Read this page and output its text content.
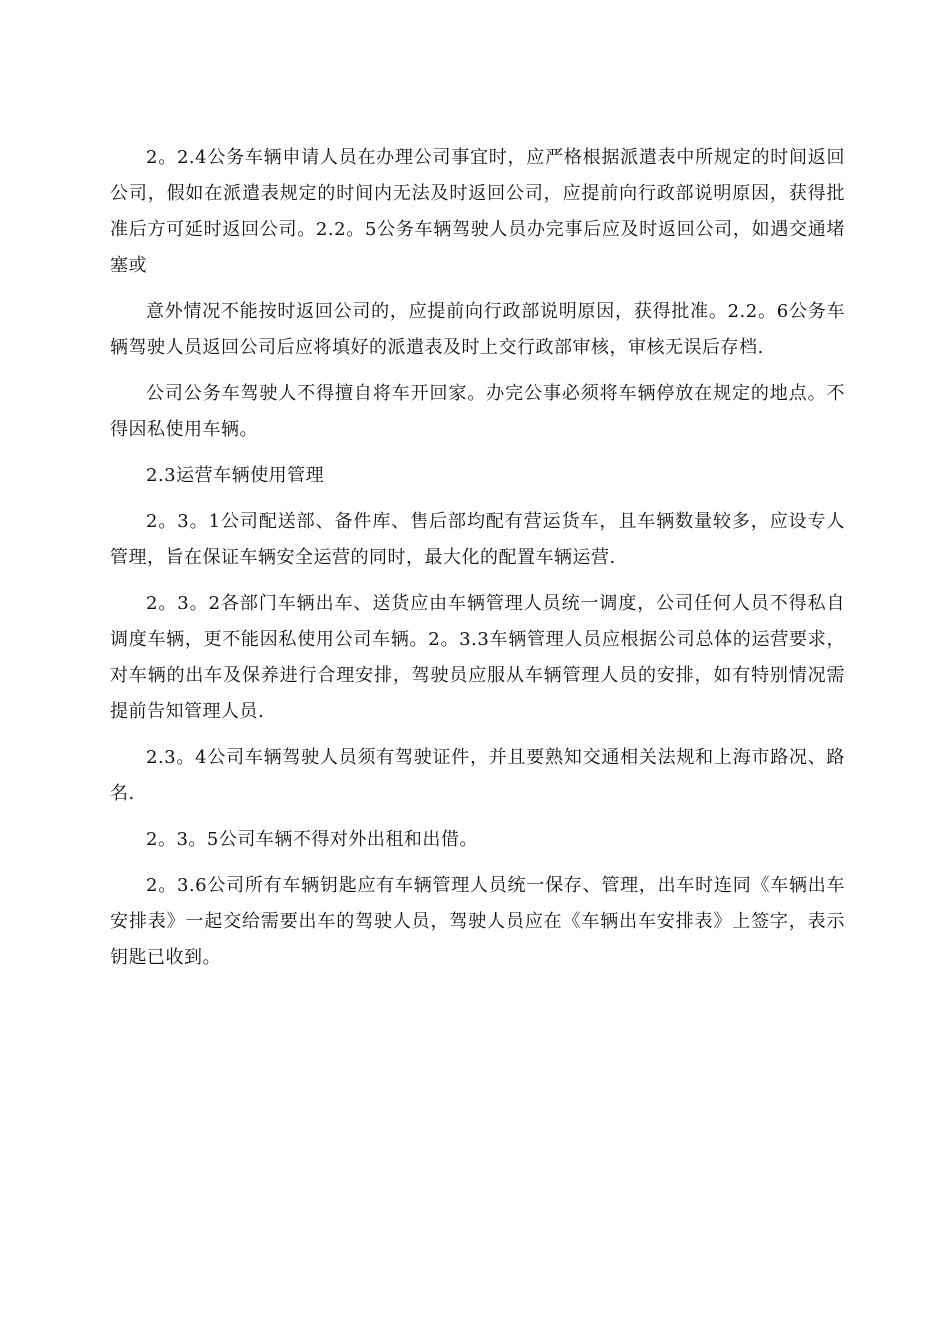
2。2.4公务车辆申请人员在办理公司事宜时，应严格根据派遣表中所规定的时间返回公司，假如在派遣表规定的时间内无法及时返回公司，应提前向行政部说明原因，获得批准后方可延时返回公司。2.2。5公务车辆驾驶人员办完事后应及时返回公司，如遇交通堵塞或

意外情况不能按时返回公司的，应提前向行政部说明原因，获得批准。2.2。6公务车辆驾驶人员返回公司后应将填好的派遣表及时上交行政部审核，审核无误后存档.

公司公务车驾驶人不得擅自将车开回家。办完公事必须将车辆停放在规定的地点。不得因私使用车辆。

2.3运营车辆使用管理

2。3。1公司配送部、备件库、售后部均配有营运货车，且车辆数量较多，应设专人管理，旨在保证车辆安全运营的同时，最大化的配置车辆运营.

2。3。2各部门车辆出车、送货应由车辆管理人员统一调度，公司任何人员不得私自调度车辆，更不能因私使用公司车辆。2。3.3车辆管理人员应根据公司总体的运营要求，对车辆的出车及保养进行合理安排，驾驶员应服从车辆管理人员的安排，如有特别情况需提前告知管理人员.

2.3。4公司车辆驾驶人员须有驾驶证件，并且要熟知交通相关法规和上海市路况、路名.

2。3。5公司车辆不得对外出租和出借。

2。3.6公司所有车辆钥匙应有车辆管理人员统一保存、管理，出车时连同《车辆出车安排表》一起交给需要出车的驾驶人员，驾驶人员应在《车辆出车安排表》上签字，表示钥匙已收到。
